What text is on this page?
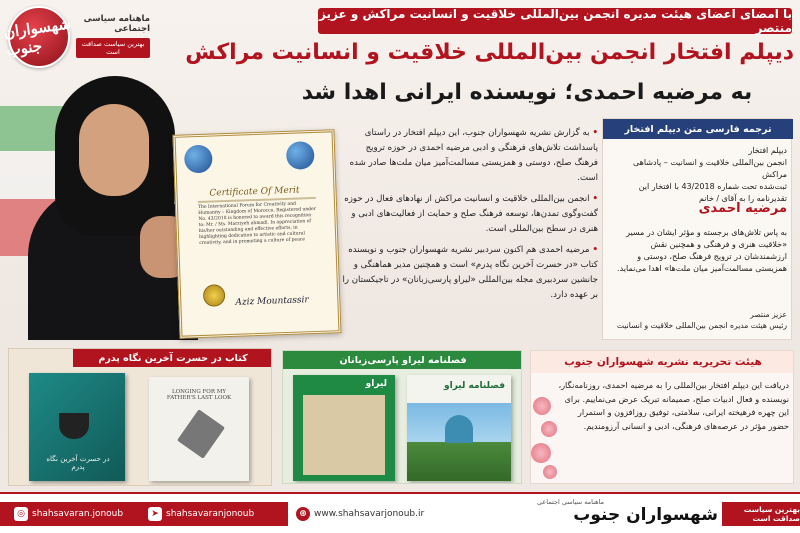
شهسواران جنوب
ماهنامه سیاسی اجتماعی
بهترین سیاست صداقت است
با امضای اعضای هیئت مدیره انجمن بین‌المللی خلاقیت و انسانیت مراکش و عزیز منتصر
دیپلم افتخار انجمن بین‌المللی خلاقیت و انسانیت مراکش
به مرضیه احمدی؛ نویسنده ایرانی اهدا شد
Certificate Of Merit
The International Forum for Creativity and Humanity – Kingdom of Morocco, Registered under No. 43/2018 is honored to award this recognition to: Mr. / Ms. Marziyeh ahmadi. In appreciation of his/her outstanding and effective efforts, in highlighting dedication to artistic and cultural creativity, and in promoting a culture of peace
Aziz Mountassir

• به گزارش نشریه شهسواران جنوب، این دیپلم افتخار در راستای پاسداشت تلاش‌های فرهنگی و ادبی مرضیه احمدی در حوزه ترویج فرهنگ صلح، دوستی و همزیستی مسالمت‌آمیز میان ملت‌ها صادر شده است.

• انجمن بین‌المللی خلاقیت و انسانیت مراکش از نهادهای فعال در حوزه گفت‌وگوی تمدن‌ها، توسعه فرهنگ صلح و حمایت از فعالیت‌های ادبی و هنری در سطح بین‌المللی است.

• مرضیه احمدی هم اکنون سردبیر نشریه شهسواران جنوب و نویسنده کتاب «در حسرت آخرین نگاه پدرم» است و همچنین مدیر هماهنگی و جانشین سردبیری مجله بین‌المللی «لیراو پارسی‌زبانان» در تاجیکستان را بر عهده دارد.

ترجمه فارسی متن دیپلم افتخار
دیپلم افتخار
انجمن بین‌المللی خلاقیت و انسانیت – پادشاهی مراکش
ثبت‌شده تحت شماره 43/2018 با افتخار این
تقدیرنامه را به آقای / خانم
مرضیه احمدی
به پاس تلاش‌های برجسته و مؤثر ایشان در مسیر «خلاقیت هنری و فرهنگی و همچنین نقش ارزشمندشان در ترویج فرهنگ صلح، دوستی و همزیستی مسالمت‌آمیز میان ملت‌ها» اهدا می‌نماید.
عزیز منتصر
رئیس هیئت مدیره انجمن بین‌المللی خلاقیت و انسانیت
کتاب در حسرت آخرین نگاه پدرم
در حسرت آخرین نگاه پدرم
LONGING FOR MY FATHER'S LAST LOOK
فصلنامه لیراو پارسی‌زبانان
لیراو	فصلنامه لیراو
هیئت تحریریه نشریه شهسواران جنوب
دریافت این دیپلم افتخار بین‌المللی را به مرضیه احمدی، روزنامه‌نگار، نویسنده و فعال ادبیات صلح، صمیمانه تبریک عرض می‌نماییم. برای این چهره فرهیخته ایرانی، سلامتی، توفیق روزافزون و استمرار حضور مؤثر در عرصه‌های فرهنگی، ادبی و انسانی آرزومندیم.
◎ shahsavaran.jonoub	➤ shahsavaranjonoub	⊕ www.shahsavarjonoub.ir
ماهنامه سیاسی اجتماعی
شهسواران جنوب	بهترین سیاست صداقت است
